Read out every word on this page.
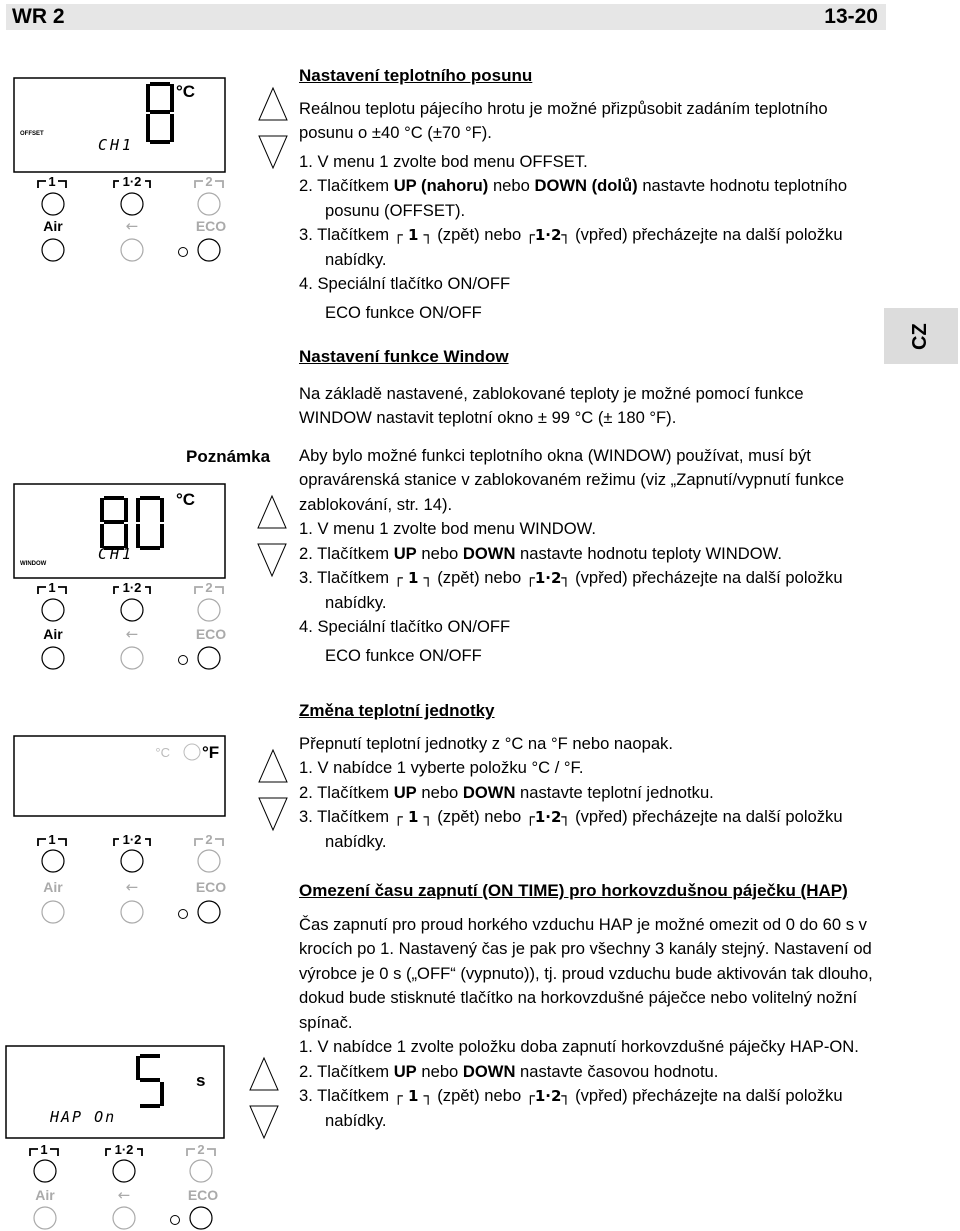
WR 2	13-20
CZ
Poznámka
°C
OFFSET
CH1
1	1·2	2
Air	←	ECO
°C
WINDOW
CH1
1	1·2	2
Air	←	ECO
°C °F
1	1·2	2
Air	←	ECO
s
HAP On
1	1·2	2
Air	←	ECO

Nastavení teplotního posunu

Reálnou teplotu pájecího hrotu je možné přizpůsobit zadáním teplotního posunu o ±40 °C (±70 °F).

1. V menu 1 zvolte bod menu OFFSET.

2. Tlačítkem UP (nahoru) nebo DOWN (dolů) nastavte hodnotu teplotního posunu (OFFSET).

3. Tlačítkem ┌ 1 ┐ (zpět) nebo ┌1·2┐ (vpřed) přecházejte na další položku nabídky.

4. Speciální tlačítko ON/OFF

ECO funkce ON/OFF

Nastavení funkce Window

Na základě nastavené, zablokované teploty je možné pomocí funkce WINDOW nastavit teplotní okno ± 99 °C (± 180 °F).

Aby bylo možné funkci teplotního okna (WINDOW) používat, musí být opravárenská stanice v zablokovaném režimu (viz „Zapnutí/vypnutí funkce zablokování, str. 14).

1. V menu 1 zvolte bod menu WINDOW.

2. Tlačítkem UP nebo DOWN nastavte hodnotu teploty WINDOW.

3. Tlačítkem ┌ 1 ┐ (zpět) nebo ┌1·2┐ (vpřed) přecházejte na další položku nabídky.

4. Speciální tlačítko ON/OFF

ECO funkce ON/OFF

Změna teplotní jednotky

Přepnutí teplotní jednotky z °C na °F nebo naopak.

1. V nabídce 1 vyberte položku °C / °F.

2. Tlačítkem UP nebo DOWN nastavte teplotní jednotku.

3. Tlačítkem ┌ 1 ┐ (zpět) nebo ┌1·2┐ (vpřed) přecházejte na další položku nabídky.

Omezení času zapnutí (ON TIME) pro horkovzdušnou páječku (HAP)

Čas zapnutí pro proud horkého vzduchu HAP je možné omezit od 0 do 60 s v krocích po 1. Nastavený čas je pak pro všechny 3 kanály stejný. Nastavení od výrobce je 0 s („OFF“ (vypnuto)), tj. proud vzduchu bude aktivován tak dlouho, dokud bude stisknuté tlačítko na horkovzdušné páječce nebo volitelný nožní spínač.

1. V nabídce 1 zvolte položku doba zapnutí horkovzdušné páječky HAP-ON.

2. Tlačítkem UP nebo DOWN nastavte časovou hodnotu.

3. Tlačítkem ┌ 1 ┐ (zpět) nebo ┌1·2┐ (vpřed) přecházejte na další položku nabídky.
